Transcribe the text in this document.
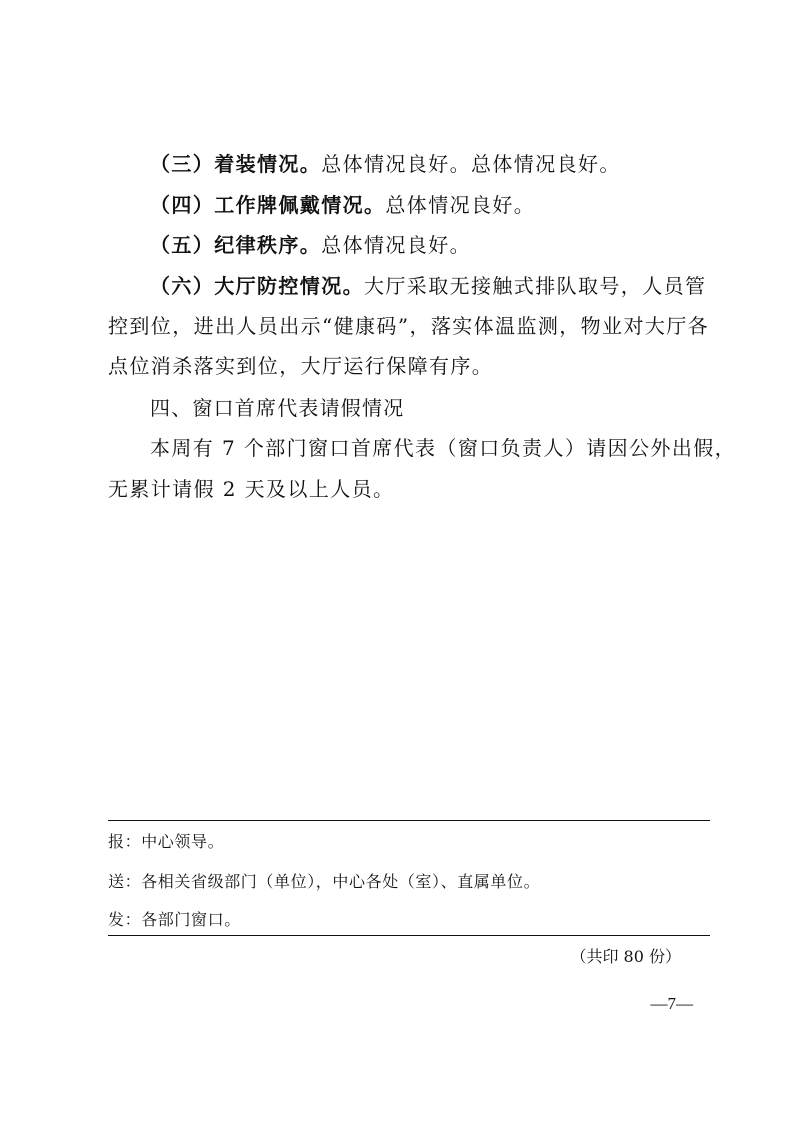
（三）着装情况。总体情况良好。总体情况良好。

（四）工作牌佩戴情况。总体情况良好。

（五）纪律秩序。总体情况良好。

（六）大厅防控情况。大厅采取无接触式排队取号，人员管

控到位，进出人员出示“健康码”，落实体温监测，物业对大厅各

点位消杀落实到位，大厅运行保障有序。

四、窗口首席代表请假情况

本周有 7 个部门窗口首席代表（窗口负责人）请因公外出假，

无累计请假 2 天及以上人员。

报：中心领导。
送：各相关省级部门（单位），中心各处（室）、直属单位。
发：各部门窗口。
（共印 80 份）
—7—
